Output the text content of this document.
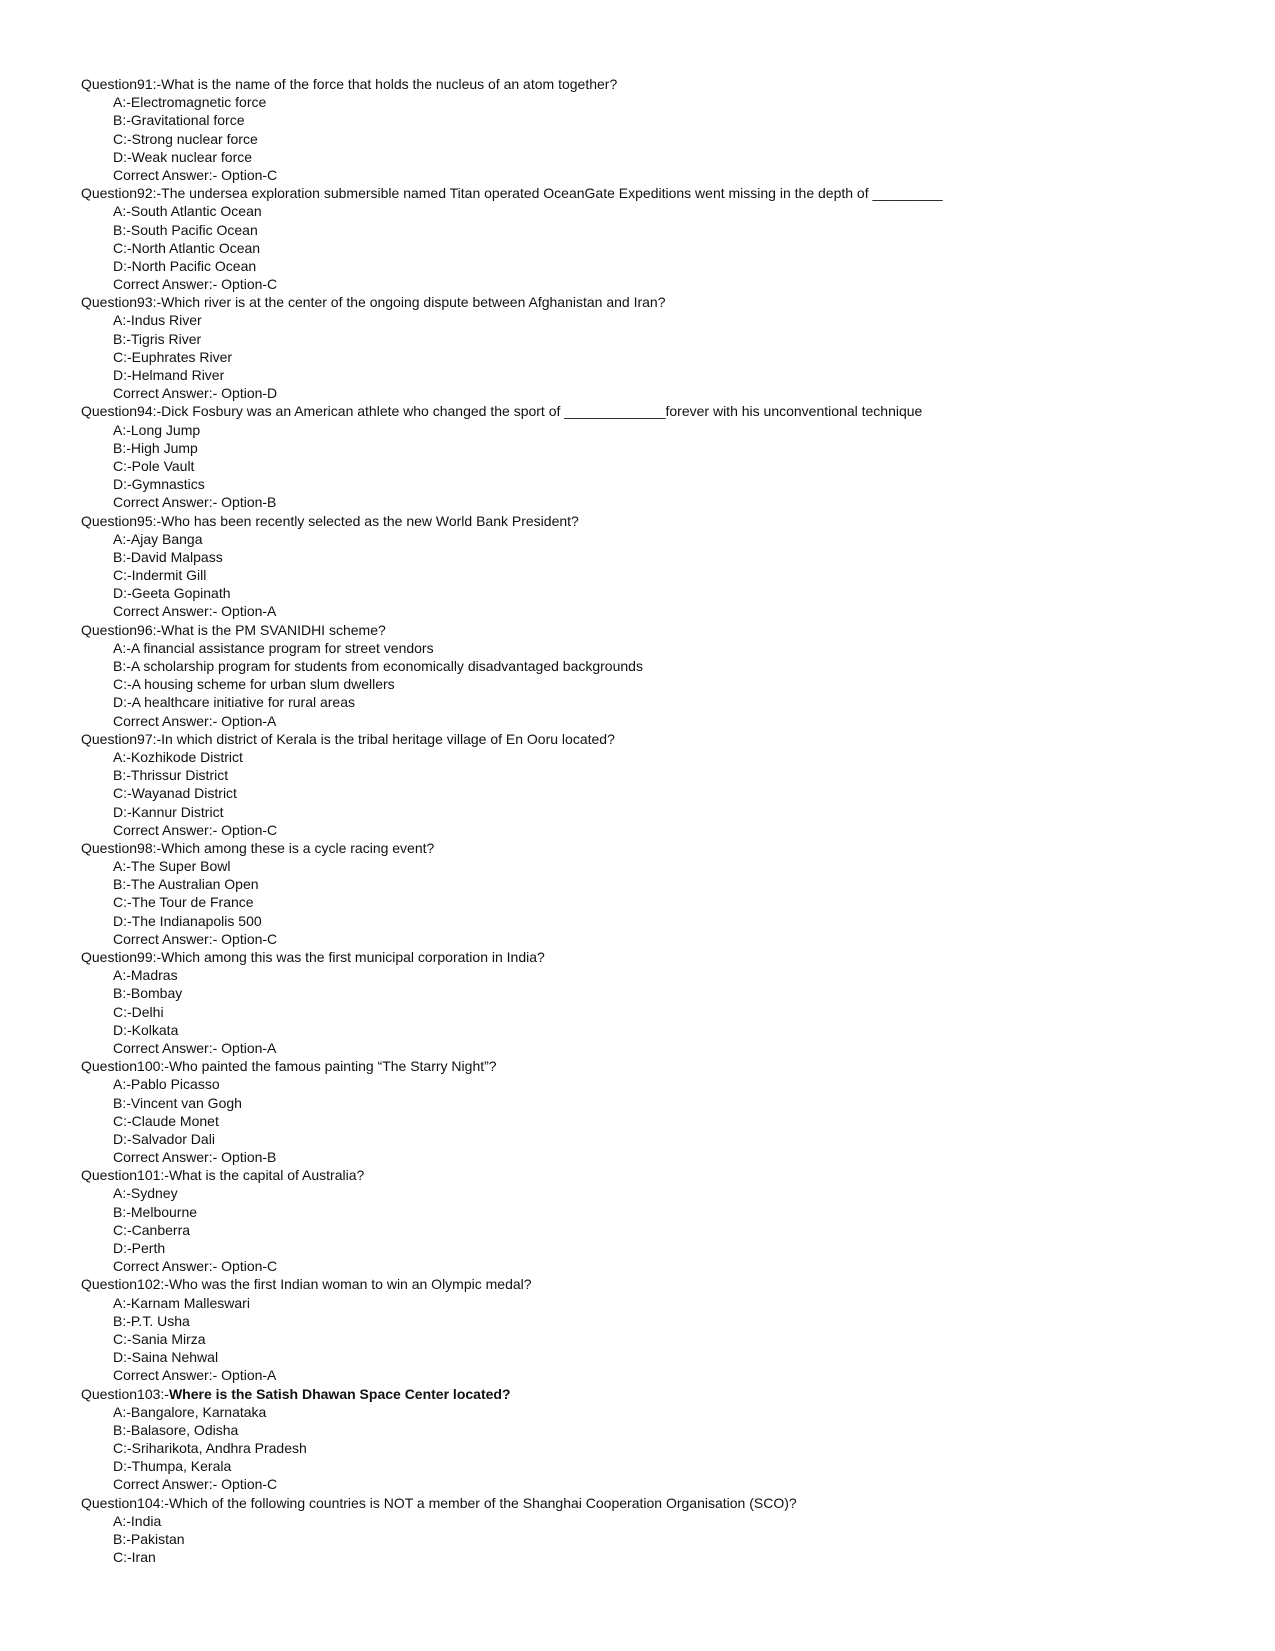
Question91:-What is the name of the force that holds the nucleus of an atom together?
A:-Electromagnetic force
B:-Gravitational force
C:-Strong nuclear force
D:-Weak nuclear force
Correct Answer:- Option-C
Question92:-The undersea exploration submersible named Titan operated OceanGate Expeditions went missing in the depth of _________
A:-South Atlantic Ocean
B:-South Pacific Ocean
C:-North Atlantic Ocean
D:-North Pacific Ocean
Correct Answer:- Option-C
Question93:-Which river is at the center of the ongoing dispute between Afghanistan and Iran?
A:-Indus River
B:-Tigris River
C:-Euphrates River
D:-Helmand River
Correct Answer:- Option-D
Question94:-Dick Fosbury was an American athlete who changed the sport of _____________forever with his unconventional technique
A:-Long Jump
B:-High Jump
C:-Pole Vault
D:-Gymnastics
Correct Answer:- Option-B
Question95:-Who has been recently selected as the new World Bank President?
A:-Ajay Banga
B:-David Malpass
C:-Indermit Gill
D:-Geeta Gopinath
Correct Answer:- Option-A
Question96:-What is the PM SVANIDHI scheme?
A:-A financial assistance program for street vendors
B:-A scholarship program for students from economically disadvantaged backgrounds
C:-A housing scheme for urban slum dwellers
D:-A healthcare initiative for rural areas
Correct Answer:- Option-A
Question97:-In which district of Kerala is the tribal heritage village of En Ooru located?
A:-Kozhikode District
B:-Thrissur District
C:-Wayanad District
D:-Kannur District
Correct Answer:- Option-C
Question98:-Which among these is a cycle racing event?
A:-The Super Bowl
B:-The Australian Open
C:-The Tour de France
D:-The Indianapolis 500
Correct Answer:- Option-C
Question99:-Which among this was the first municipal corporation in India?
A:-Madras
B:-Bombay
C:-Delhi
D:-Kolkata
Correct Answer:- Option-A
Question100:-Who painted the famous painting “The Starry Night”?
A:-Pablo Picasso
B:-Vincent van Gogh
C:-Claude Monet
D:-Salvador Dali
Correct Answer:- Option-B
Question101:-What is the capital of Australia?
A:-Sydney
B:-Melbourne
C:-Canberra
D:-Perth
Correct Answer:- Option-C
Question102:-Who was the first Indian woman to win an Olympic medal?
A:-Karnam Malleswari
B:-P.T. Usha
C:-Sania Mirza
D:-Saina Nehwal
Correct Answer:- Option-A
Question103:-Where is the Satish Dhawan Space Center located?
A:-Bangalore, Karnataka
B:-Balasore, Odisha
C:-Sriharikota, Andhra Pradesh
D:-Thumpa, Kerala
Correct Answer:- Option-C
Question104:-Which of the following countries is NOT a member of the Shanghai Cooperation Organisation (SCO)?
A:-India
B:-Pakistan
C:-Iran
